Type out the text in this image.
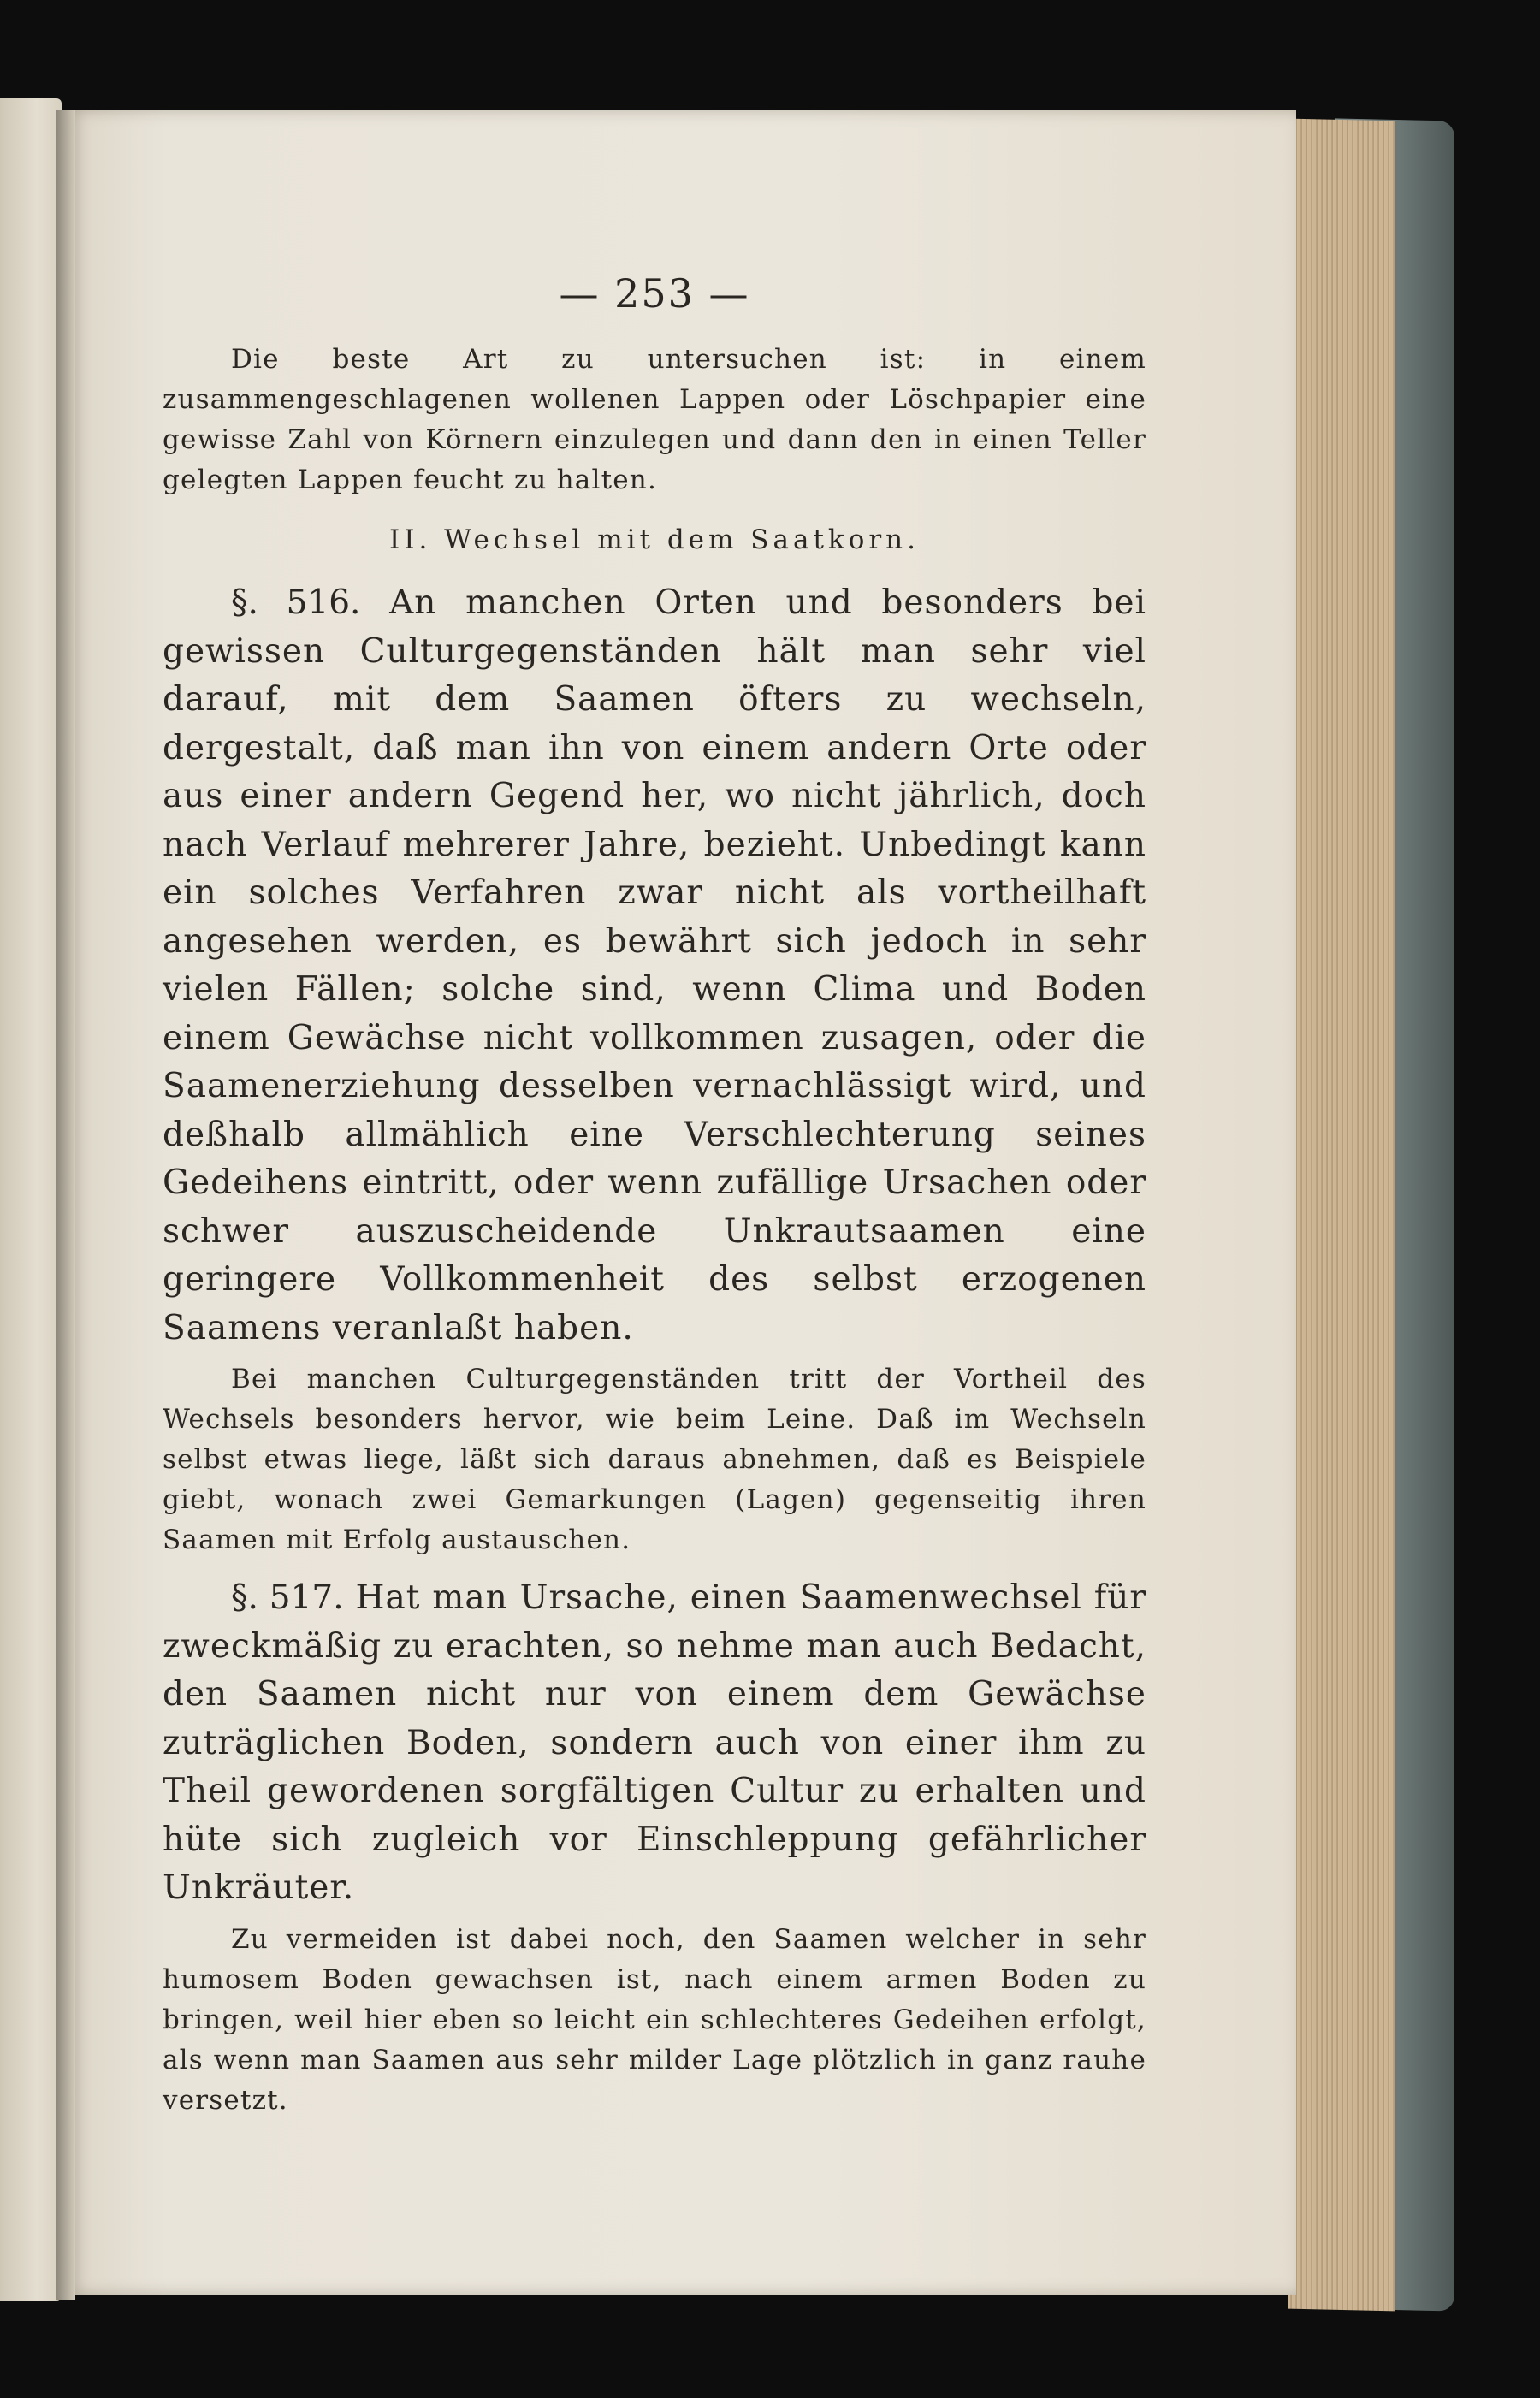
— 253 —

Die beste Art zu untersuchen ist: in einem zusammengeschlagenen wollenen Lappen oder Löschpapier eine gewisse Zahl von Körnern einzulegen und dann den in einen Teller gelegten Lappen feucht zu halten.

II. Wechsel mit dem Saatkorn.

§. 516. An manchen Orten und besonders bei gewissen Culturgegenständen hält man sehr viel darauf, mit dem Saamen öfters zu wechseln, dergestalt, daß man ihn von einem andern Orte oder aus einer andern Gegend her, wo nicht jährlich, doch nach Verlauf mehrerer Jahre, bezieht. Unbedingt kann ein solches Verfahren zwar nicht als vortheilhaft angesehen werden, es bewährt sich jedoch in sehr vielen Fällen; solche sind, wenn Clima und Boden einem Gewächse nicht vollkommen zusagen, oder die Saamenerziehung desselben vernachlässigt wird, und deßhalb allmählich eine Verschlechterung seines Gedeihens eintritt, oder wenn zufällige Ursachen oder schwer auszuscheidende Unkrautsaamen eine geringere Vollkommenheit des selbst erzogenen Saamens veranlaßt haben.

Bei manchen Culturgegenständen tritt der Vortheil des Wechsels besonders hervor, wie beim Leine. Daß im Wechseln selbst etwas liege, läßt sich daraus abnehmen, daß es Beispiele giebt, wonach zwei Gemarkungen (Lagen) gegenseitig ihren Saamen mit Erfolg austauschen.

§. 517. Hat man Ursache, einen Saamenwechsel für zweckmäßig zu erachten, so nehme man auch Bedacht, den Saamen nicht nur von einem dem Gewächse zuträglichen Boden, sondern auch von einer ihm zu Theil gewordenen sorgfältigen Cultur zu erhalten und hüte sich zugleich vor Einschleppung gefährlicher Unkräuter.

Zu vermeiden ist dabei noch, den Saamen welcher in sehr humosem Boden gewachsen ist, nach einem armen Boden zu bringen, weil hier eben so leicht ein schlechteres Gedeihen erfolgt, als wenn man Saamen aus sehr milder Lage plötzlich in ganz rauhe versetzt.
